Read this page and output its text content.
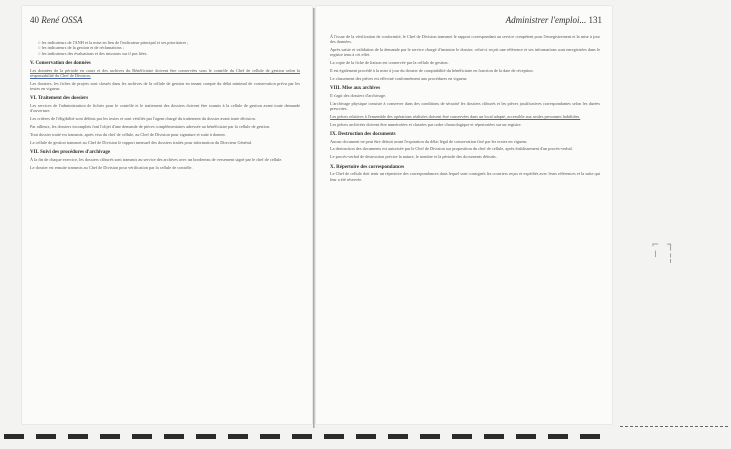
40 René OSSA
○ les indicateurs de l'ANH et la mise en lieu de l'indicateur principal et ses prioritaires ;
○ les indicateurs de la gestion et de réclamations ;
○ les indicateurs des évaluations et des missions sur il pas liées.
V. Conservation des données

Les données de la période en cours et des archives du Bénéficiaire doivent être conservées sous le contrôle du Chef de cellule de gestion selon la responsabilité du Chef de Division.

Les dossiers, les fiches de projets sont classés dans les archives de la cellule de gestion en tenant compte du délai minimal de conservation prévu par les textes en vigueur.

VI. Traitement des dossiers

Les services de l'administration de fichier pour le contrôle et le traitement des dossiers doivent être soumis à la cellule de gestion avant toute demande d'ouverture.

Les critères de l'éligibilité sont définis par les textes et sont vérifiés par l'agent chargé du traitement du dossier avant toute décision.

Par ailleurs, les dossiers incomplets font l'objet d'une demande de pièces complémentaires adressée au bénéficiaire par la cellule de gestion.

Tout dossier traité est transmis, après visa du chef de cellule, au Chef de Division pour signature et suite à donner.

La cellule de gestion transmet au Chef de Division le rapport mensuel des dossiers traités pour information du Directeur Général.

VII. Suivi des procédures d'archivage

À la fin de chaque exercice, les dossiers clôturés sont transmis au service des archives avec un bordereau de versement signé par le chef de cellule.

Le dossier est ensuite transmis au Chef de Division pour vérification par la cellule de contrôle.

Administrer l'emploi... 131

À l'issue de la vérification de conformité, le Chef de Division transmet le rapport correspondant au service compétent pour l'enregistrement et la mise à jour des données.

Après saisie et validation de la demande par le service chargé d'instruire le dossier, celui-ci reçoit une référence et ses informations sont enregistrées dans le registre tenu à cet effet.

La copie de la fiche de liaison est conservée par la cellule de gestion.

Il est également procédé à la mise à jour du dossier de comptabilité du bénéficiaire en fonction de la date de réception.

Le classement des pièces est effectué conformément aux procédures en vigueur.

VIII. Mise aux archives

Il s'agit des dossiers d'archivage.

L'archivage physique consiste à conserver dans des conditions de sécurité les dossiers clôturés et les pièces justificatives correspondantes selon les durées prescrites.

Les pièces relatives à l'ensemble des opérations réalisées doivent être conservées dans un local adapté, accessible aux seules personnes habilitées.

Les pièces archivées doivent être numérotées et classées par ordre chronologique et répertoriées sur un registre.

IX. Destruction des documents

Aucun document ne peut être détruit avant l'expiration du délai légal de conservation fixé par les textes en vigueur.

La destruction des documents est autorisée par le Chef de Division sur proposition du chef de cellule, après établissement d'un procès-verbal.

Le procès-verbal de destruction précise la nature, le nombre et la période des documents détruits.

X. Répertoire des correspondances

Le Chef de cellule doit tenir un répertoire des correspondances dans lequel sont consignés les courriers reçus et expédiés avec leurs références et la suite qui leur a été réservée.

⌐ ┐
╵ ¦
